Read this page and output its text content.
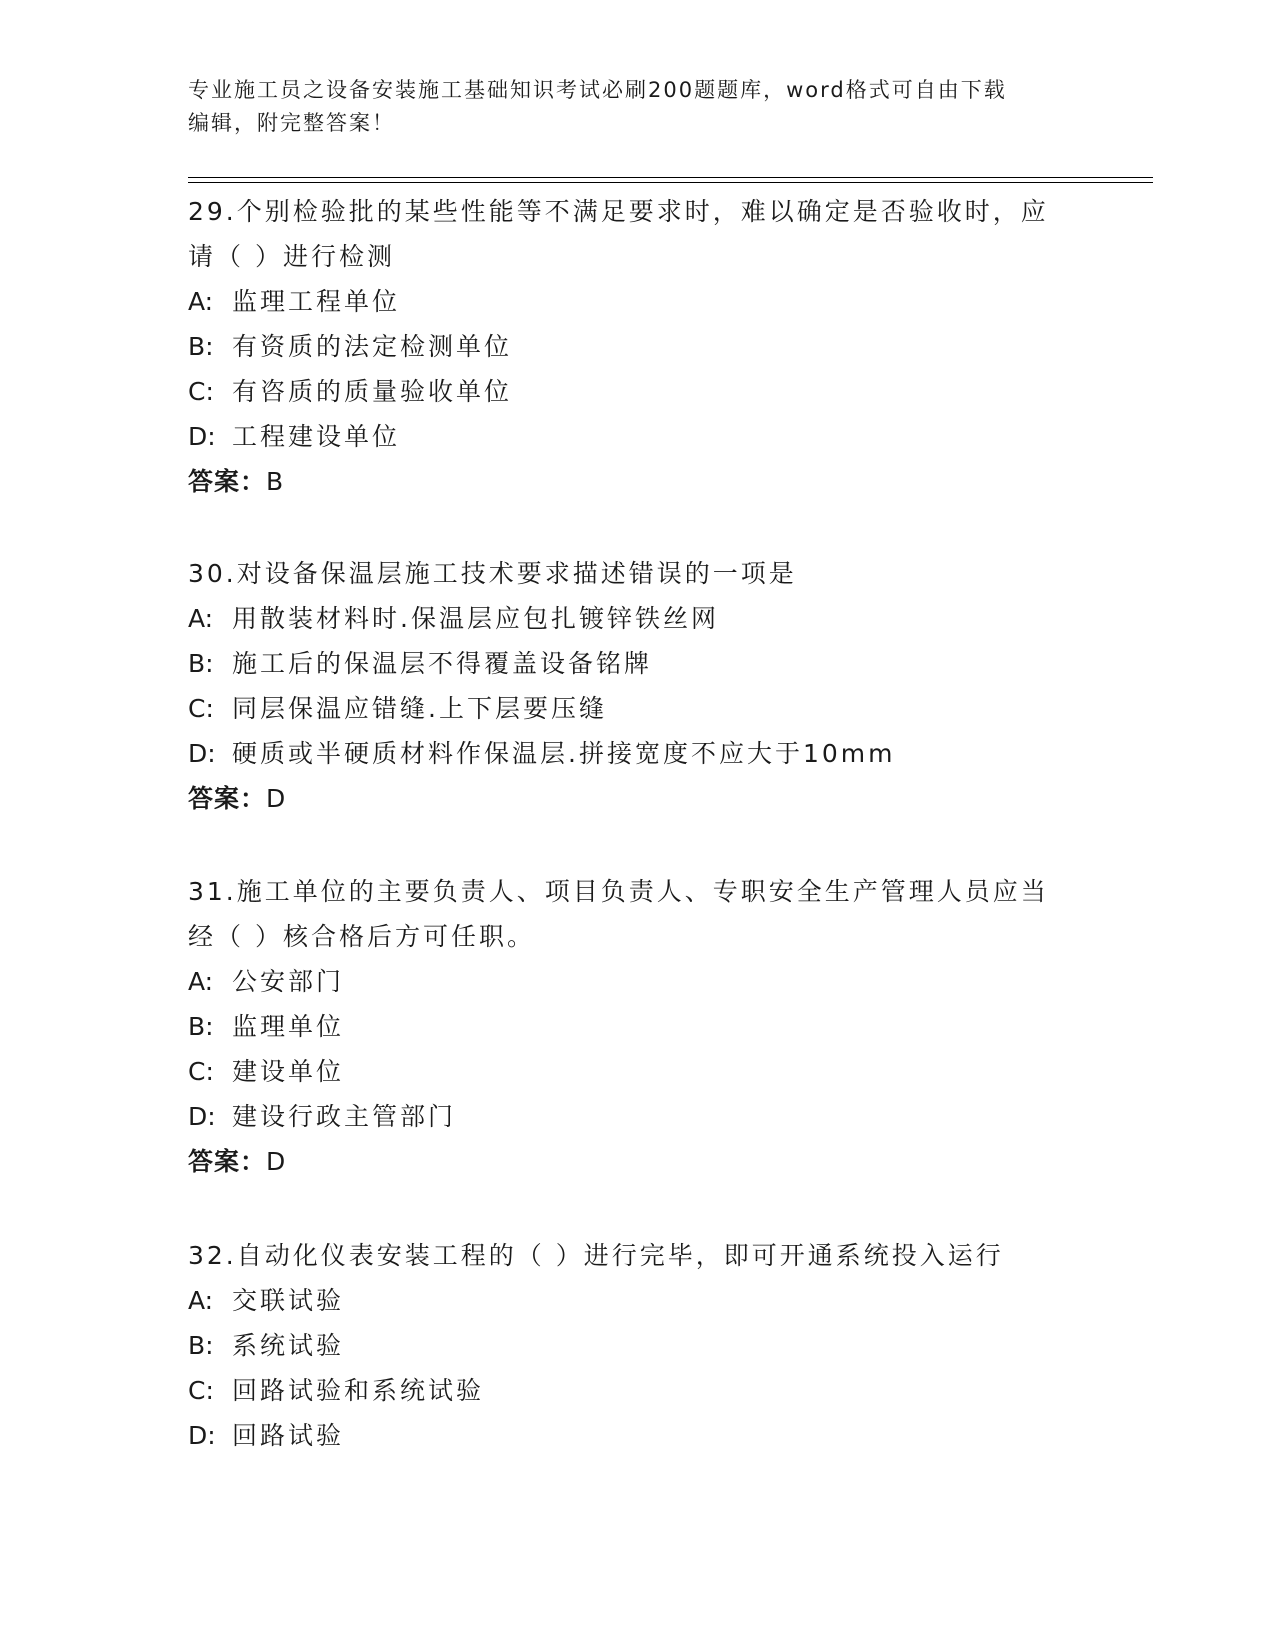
专业施工员之设备安装施工基础知识考试必刷200题题库，word格式可自由下载
编辑，附完整答案！

29.个别检验批的某些性能等不满足要求时，难以确定是否验收时，应

请（ ）进行检测

A: 监理工程单位

B: 有资质的法定检测单位

C: 有咨质的质量验收单位

D: 工程建设单位

答案：B

30.对设备保温层施工技术要求描述错误的一项是

A: 用散装材料时.保温层应包扎镀锌铁丝网

B: 施工后的保温层不得覆盖设备铭牌

C: 同层保温应错缝.上下层要压缝

D: 硬质或半硬质材料作保温层.拼接宽度不应大于10mm

答案：D

31.施工单位的主要负责人、项目负责人、专职安全生产管理人员应当

经（ ）核合格后方可任职。

A: 公安部门

B: 监理单位

C: 建设单位

D: 建设行政主管部门

答案：D

32.自动化仪表安装工程的（ ）进行完毕，即可开通系统投入运行

A: 交联试验

B: 系统试验

C: 回路试验和系统试验

D: 回路试验
